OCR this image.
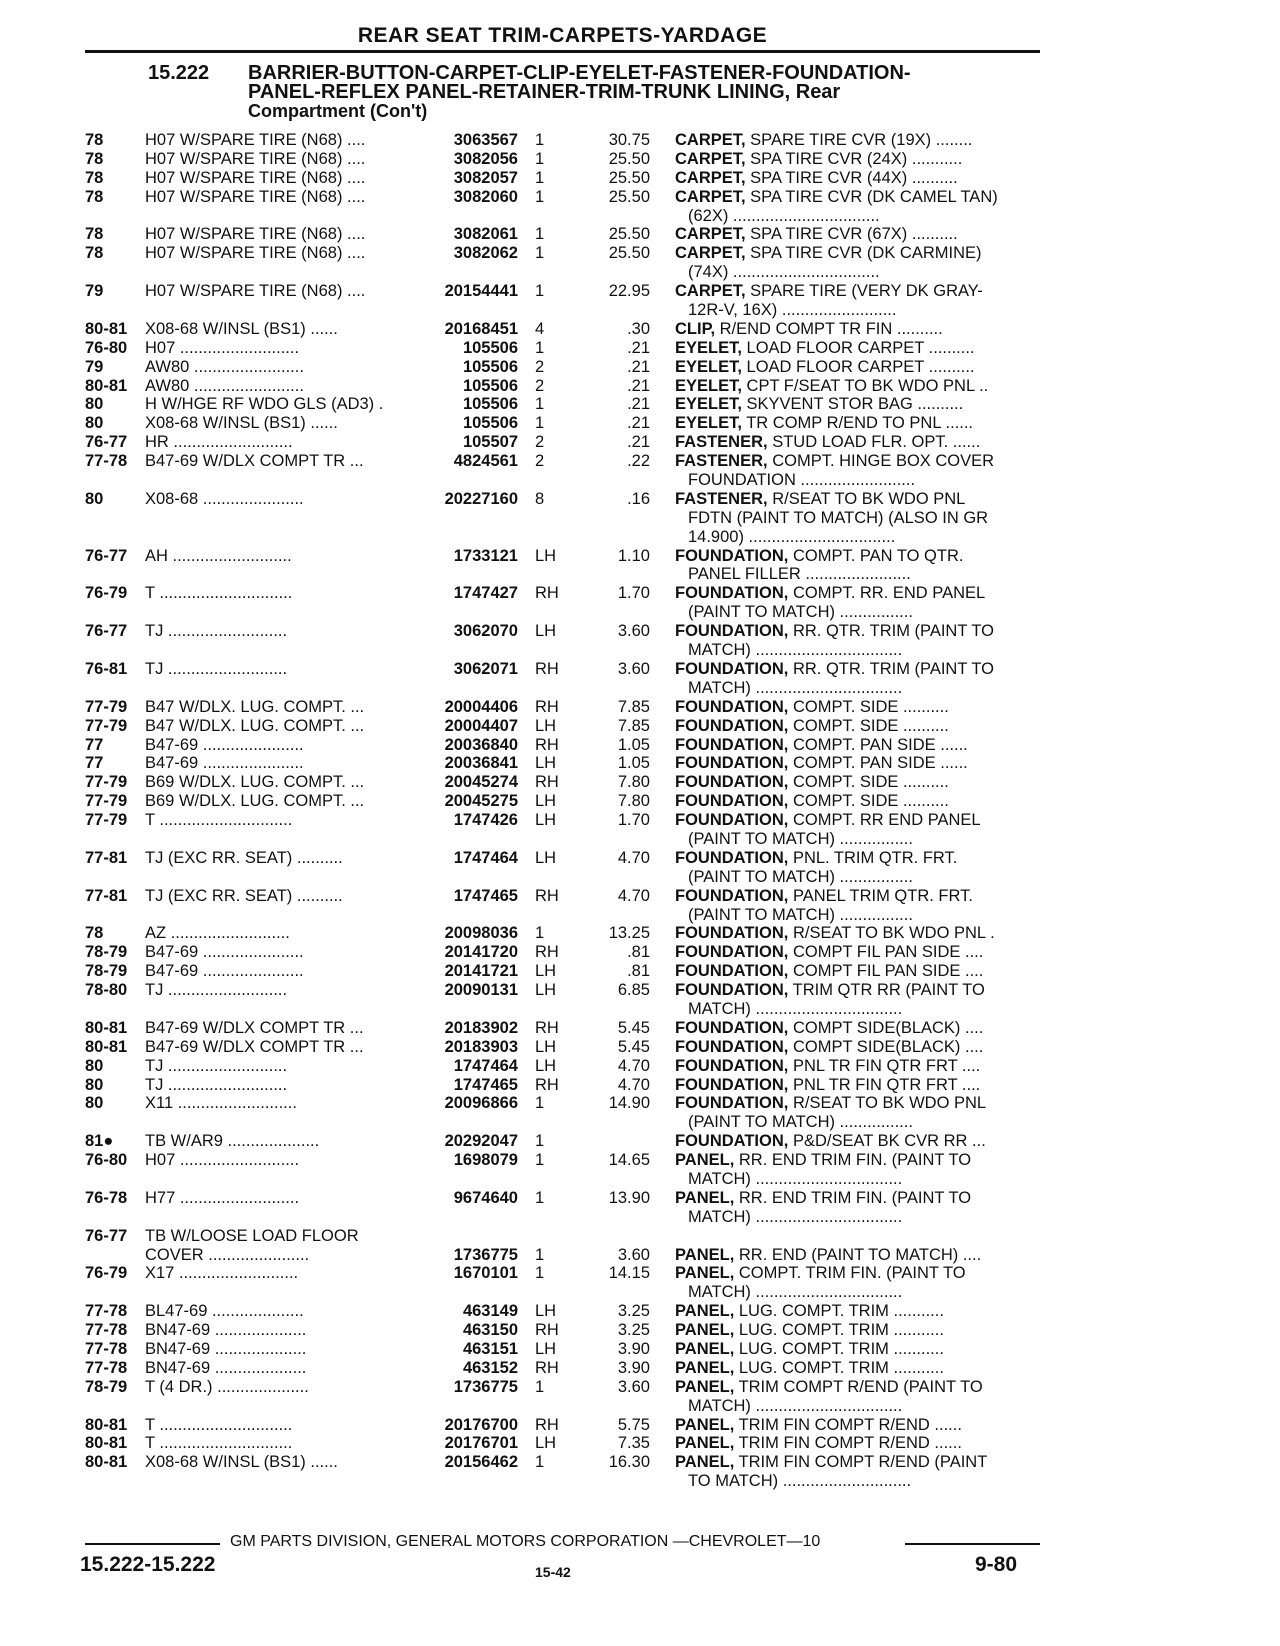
REAR SEAT TRIM-CARPETS-YARDAGE
15.222	BARRIER-BUTTON-CARPET-CLIP-EYELET-FASTENER-FOUNDATION-
PANEL-REFLEX PANEL-RETAINER-TRIM-TRUNK LINING, Rear
Compartment (Con't)
78	H07 W/SPARE TIRE (N68) ....	3063567 1	30.75 CARPET, SPARE TIRE CVR (19X) ........
78	H07 W/SPARE TIRE (N68) ....	3082056 1	25.50 CARPET, SPA TIRE CVR (24X) ...........
78	H07 W/SPARE TIRE (N68) ....	3082057 1	25.50 CARPET, SPA TIRE CVR (44X) ..........
78	H07 W/SPARE TIRE (N68) ....	3082060 1	25.50 CARPET, SPA TIRE CVR (DK CAMEL TAN)
(62X) ................................
78	H07 W/SPARE TIRE (N68) ....	3082061 1	25.50 CARPET, SPA TIRE CVR (67X) ..........
78	H07 W/SPARE TIRE (N68) ....	3082062 1	25.50 CARPET, SPA TIRE CVR (DK CARMINE)
(74X) ................................
79	H07 W/SPARE TIRE (N68) ....	20154441 1	22.95 CARPET, SPARE TIRE (VERY DK GRAY-
12R-V, 16X) .........................
80-81 X08-68 W/INSL (BS1) ......	20168451 4	.30 CLIP, R/END COMPT TR FIN ..........
76-80 H07 ..........................	105506 1	.21 EYELET, LOAD FLOOR CARPET ..........
79	AW80 ........................	105506 2	.21 EYELET, LOAD FLOOR CARPET ..........
80-81 AW80 ........................	105506 2	.21 EYELET, CPT F/SEAT TO BK WDO PNL ..
80	H W/HGE RF WDO GLS (AD3) .	105506 1	.21 EYELET, SKYVENT STOR BAG ..........
80	X08-68 W/INSL (BS1) ......	105506 1	.21 EYELET, TR COMP R/END TO PNL ......
76-77 HR ..........................	105507 2	.21 FASTENER, STUD LOAD FLR. OPT. ......
77-78 B47-69 W/DLX COMPT TR ...	4824561 2	.22 FASTENER, COMPT. HINGE BOX COVER
FOUNDATION .........................
80	X08-68 ......................	20227160 8	.16 FASTENER, R/SEAT TO BK WDO PNL
FDTN (PAINT TO MATCH) (ALSO IN GR
14.900) ................................
76-77 AH ..........................	1733121 LH	1.10 FOUNDATION, COMPT. PAN TO QTR.
PANEL FILLER .......................
76-79 T .............................	1747427 RH	1.70 FOUNDATION, COMPT. RR. END PANEL
(PAINT TO MATCH) ................
76-77 TJ ..........................	3062070 LH	3.60 FOUNDATION, RR. QTR. TRIM (PAINT TO
MATCH) ................................
76-81 TJ ..........................	3062071 RH	3.60 FOUNDATION, RR. QTR. TRIM (PAINT TO
MATCH) ................................
77-79 B47 W/DLX. LUG. COMPT. ...	20004406 RH	7.85 FOUNDATION, COMPT. SIDE ..........
77-79 B47 W/DLX. LUG. COMPT. ...	20004407 LH	7.85 FOUNDATION, COMPT. SIDE ..........
77	B47-69 ......................	20036840 RH	1.05 FOUNDATION, COMPT. PAN SIDE ......
77	B47-69 ......................	20036841 LH	1.05 FOUNDATION, COMPT. PAN SIDE ......
77-79 B69 W/DLX. LUG. COMPT. ...	20045274 RH	7.80 FOUNDATION, COMPT. SIDE ..........
77-79 B69 W/DLX. LUG. COMPT. ...	20045275 LH	7.80 FOUNDATION, COMPT. SIDE ..........
77-79 T .............................	1747426 LH	1.70 FOUNDATION, COMPT. RR END PANEL
(PAINT TO MATCH) ................
77-81 TJ (EXC RR. SEAT) ..........	1747464 LH	4.70 FOUNDATION, PNL. TRIM QTR. FRT.
(PAINT TO MATCH) ................
77-81 TJ (EXC RR. SEAT) ..........	1747465 RH	4.70 FOUNDATION, PANEL TRIM QTR. FRT.
(PAINT TO MATCH) ................
78	AZ ..........................	20098036 1	13.25 FOUNDATION, R/SEAT TO BK WDO PNL .
78-79 B47-69 ......................	20141720 RH	.81 FOUNDATION, COMPT FIL PAN SIDE ....
78-79 B47-69 ......................	20141721 LH	.81 FOUNDATION, COMPT FIL PAN SIDE ....
78-80 TJ ..........................	20090131 LH	6.85 FOUNDATION, TRIM QTR RR (PAINT TO
MATCH) ................................
80-81 B47-69 W/DLX COMPT TR ...	20183902 RH	5.45 FOUNDATION, COMPT SIDE(BLACK) ....
80-81 B47-69 W/DLX COMPT TR ...	20183903 LH	5.45 FOUNDATION, COMPT SIDE(BLACK) ....
80	TJ ..........................	1747464 LH	4.70 FOUNDATION, PNL TR FIN QTR FRT ....
80	TJ ..........................	1747465 RH	4.70 FOUNDATION, PNL TR FIN QTR FRT ....
80	X11 ..........................	20096866 1	14.90 FOUNDATION, R/SEAT TO BK WDO PNL
(PAINT TO MATCH) ................
81● TB W/AR9 ....................	20292047 1	FOUNDATION, P&D/SEAT BK CVR RR ...
76-80 H07 ..........................	1698079 1	14.65 PANEL, RR. END TRIM FIN. (PAINT TO
MATCH) ................................
76-78 H77 ..........................	9674640 1	13.90 PANEL, RR. END TRIM FIN. (PAINT TO
MATCH) ................................
76-77 TB W/LOOSE LOAD FLOOR
COVER ......................	1736775 1	3.60 PANEL, RR. END (PAINT TO MATCH) ....
76-79 X17 ..........................	1670101 1	14.15 PANEL, COMPT. TRIM FIN. (PAINT TO
MATCH) ................................
77-78 BL47-69 ....................	463149 LH	3.25 PANEL, LUG. COMPT. TRIM ...........
77-78 BN47-69 ....................	463150 RH	3.25 PANEL, LUG. COMPT. TRIM ...........
77-78 BN47-69 ....................	463151 LH	3.90 PANEL, LUG. COMPT. TRIM ...........
77-78 BN47-69 ....................	463152 RH	3.90 PANEL, LUG. COMPT. TRIM ...........
78-79 T (4 DR.) ....................	1736775 1	3.60 PANEL, TRIM COMPT R/END (PAINT TO
MATCH) ................................
80-81 T .............................	20176700 RH	5.75 PANEL, TRIM FIN COMPT R/END ......
80-81 T .............................	20176701 LH	7.35 PANEL, TRIM FIN COMPT R/END ......
80-81 X08-68 W/INSL (BS1) ......	20156462 1	16.30 PANEL, TRIM FIN COMPT R/END (PAINT
TO MATCH) ............................
GM PARTS DIVISION, GENERAL MOTORS CORPORATION —CHEVROLET—10
15.222-15.222	15-42	9-80
